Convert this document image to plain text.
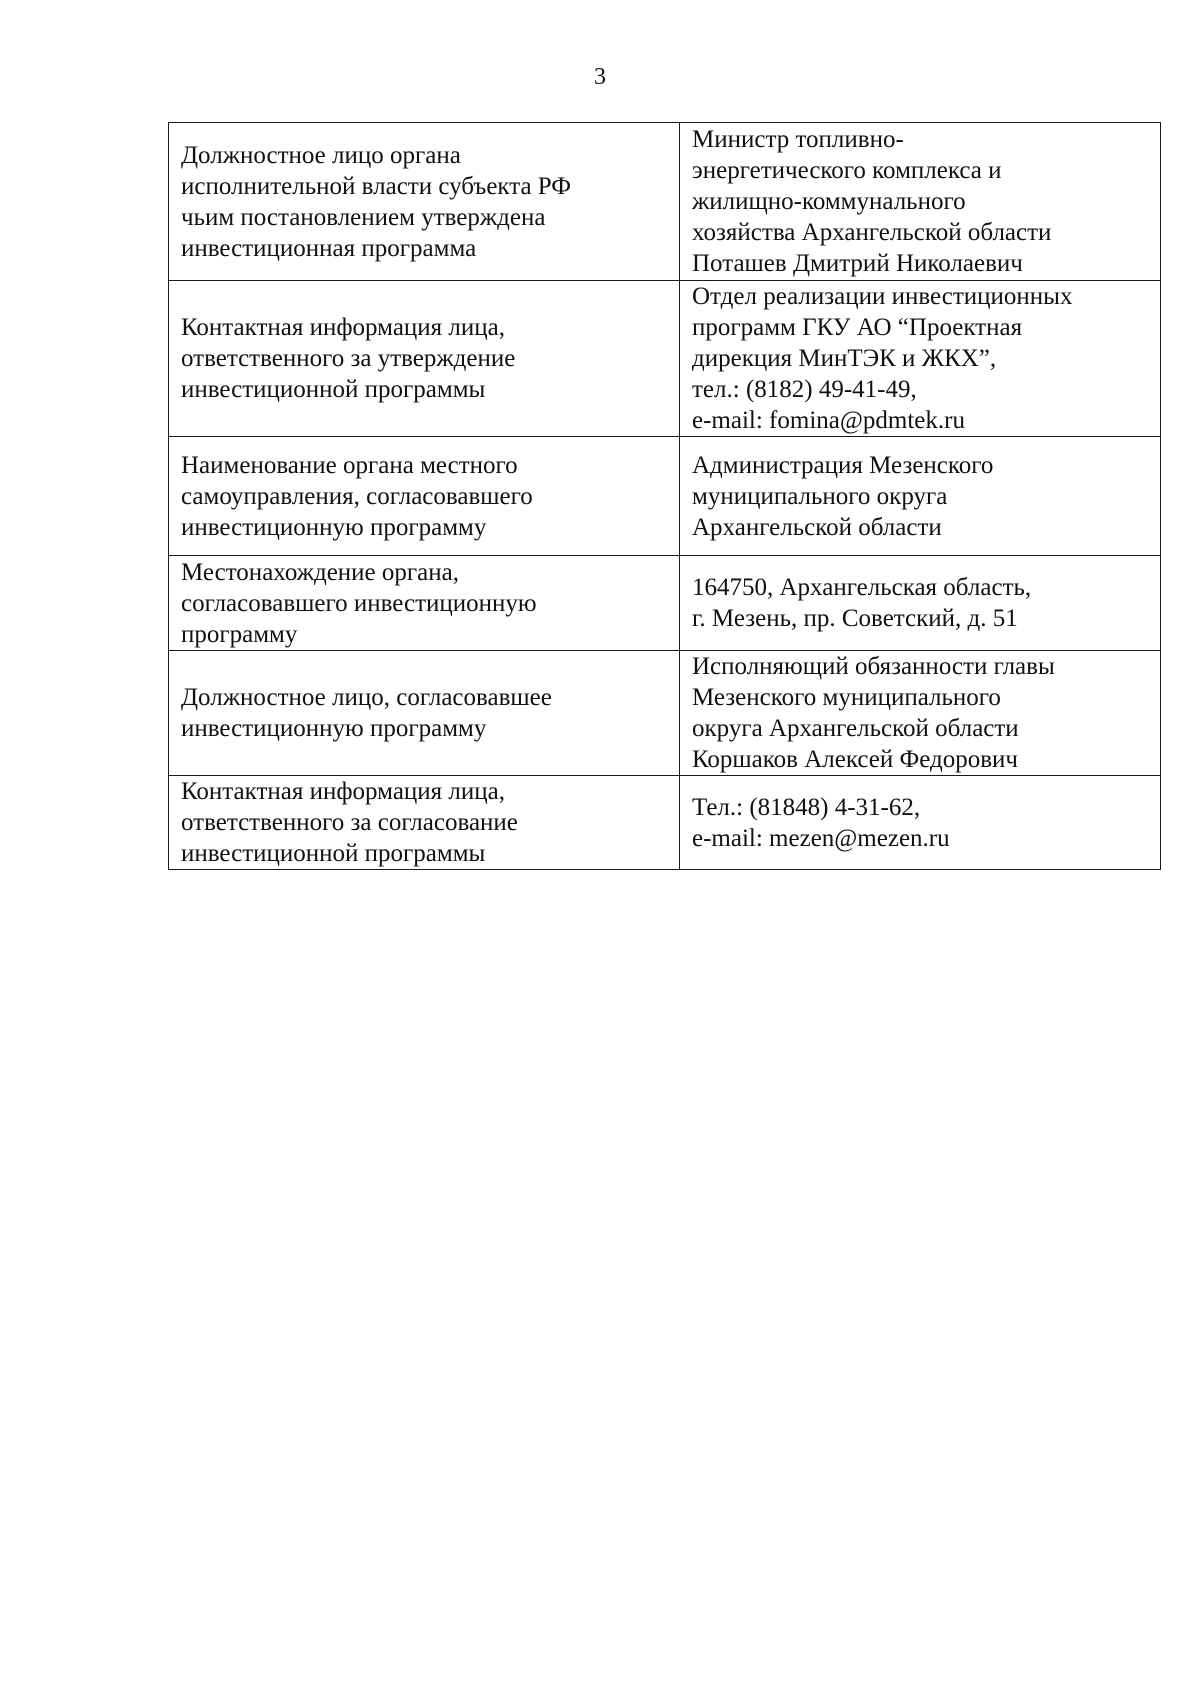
3
Должностное лицо органа
исполнительной власти субъекта РФ
чьим постановлением утверждена
инвестиционная программа	Министр топливно-
энергетического комплекса и
жилищно-коммунального
хозяйства Архангельской области
Поташев Дмитрий Николаевич

Контактная информация лица,
ответственного за утверждение
инвестиционной программы	Отдел реализации инвестиционных
программ ГКУ АО “Проектная
дирекция МинТЭК и ЖКХ”,
тел.: (8182) 49-41-49,
e-mail: fomina@pdmtek.ru

Наименование органа местного
самоуправления, согласовавшего
инвестиционную программу	Администрация Мезенского
муниципального округа
Архангельской области

Местонахождение органа,
согласовавшего инвестиционную
программу	164750, Архангельская область,
г. Мезень, пр. Советский, д. 51

Должностное лицо, согласовавшее
инвестиционную программу	Исполняющий обязанности главы
Мезенского муниципального
округа Архангельской области
Коршаков Алексей Федорович

Контактная информация лица,
ответственного за согласование
инвестиционной программы	Тел.: (81848) 4-31-62,
e-mail: mezen@mezen.ru
